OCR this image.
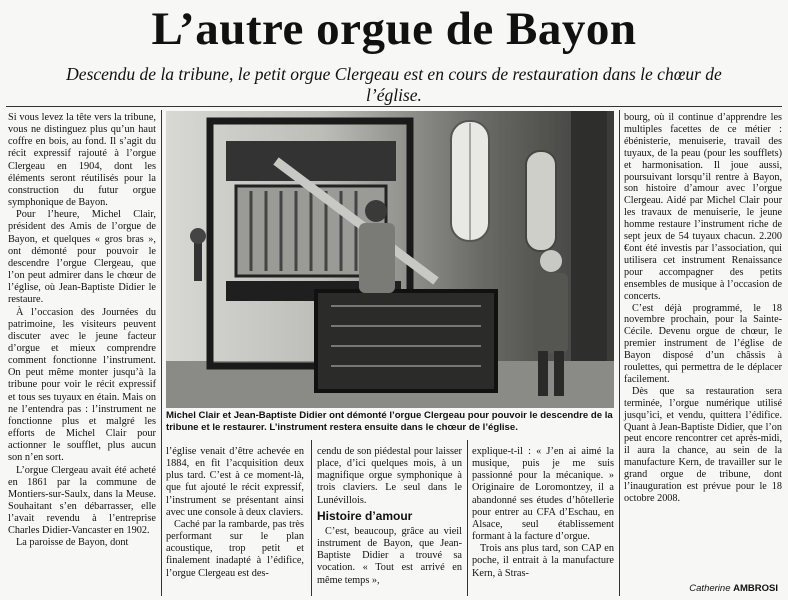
L’autre orgue de Bayon
Descendu de la tribune, le petit orgue Clergeau est en cours de restauration dans le chœur de l’église.

Si vous levez la tête vers la tribune, vous ne distinguez plus qu’un haut coffre en bois, au fond. Il s’agit du récit expressif rajouté à l’orgue Clergeau en 1904, dont les éléments seront réutilisés pour la construction du futur orgue symphonique de Bayon.

Pour l’heure, Michel Clair, président des Amis de l’orgue de Bayon, et quelques « gros bras », ont démonté pour pouvoir le descendre l’orgue Clergeau, que l’on peut admirer dans le chœur de l’église, où Jean-Baptiste Didier le restaure.

À l’occasion des Journées du patrimoine, les visiteurs peuvent discuter avec le jeune facteur d’orgue et mieux comprendre comment fonctionne l’instrument. On peut même monter jusqu’à la tribune pour voir le récit expressif et tous ses tuyaux en étain. Mais on ne l’entendra pas : l’instrument ne fonctionne plus et malgré les efforts de Michel Clair pour actionner le soufflet, plus aucun son n’en sort.

L’orgue Clergeau avait été acheté en 1861 par la commune de Montiers-sur-Saulx, dans la Meuse. Souhaitant s’en débarrasser, elle l’avait revendu à l’entreprise Charles Didier-Vancaster en 1902.

La paroisse de Bayon, dont

Michel Clair et Jean-Baptiste Didier ont démonté l’orgue Clergeau pour pouvoir le descendre de la tribune et le restaurer. L’instrument restera ensuite dans le chœur de l’église.

l’église venait d’être achevée en 1884, en fit l’acquisition deux plus tard. C’est à ce moment-là, que fut ajouté le récit expressif, l’instrument se présentant ainsi avec une console à deux claviers.

Caché par la rambarde, pas très performant sur le plan acoustique, trop petit et finalement inadapté à l’édifice, l’orgue Clergeau est des-

cendu de son piédestal pour laisser place, d’ici quelques mois, à un magnifique orgue symphonique à trois claviers. Le seul dans le Lunévillois.

Histoire d’amour

C’est, beaucoup, grâce au vieil instrument de Bayon, que Jean-Baptiste Didier a trouvé sa vocation. « Tout est arrivé en même temps »,

explique-t-il : « J’en ai aimé la musique, puis je me suis passionné pour la mécanique. » Originaire de Loromontzey, il a abandonné ses études d’hôtellerie pour entrer au CFA d’Eschau, en Alsace, seul établissement formant à la facture d’orgue.

Trois ans plus tard, son CAP en poche, il entrait à la manufacture Kern, à Stras-

bourg, où il continue d’apprendre les multiples facettes de ce métier : ébénisterie, menuiserie, travail des tuyaux, de la peau (pour les soufflets) et harmonisation. Il joue aussi, poursuivant lorsqu’il rentre à Bayon, son histoire d’amour avec l’orgue Clergeau. Aidé par Michel Clair pour les travaux de menuiserie, le jeune homme restaure l’instrument riche de sept jeux de 54 tuyaux chacun. 2.200 €ont été investis par l’association, qui utilisera cet instrument Renaissance pour accompagner des petits ensembles de musique à l’occasion de concerts.

C’est déjà programmé, le 18 novembre prochain, pour la Sainte-Cécile. Devenu orgue de chœur, le premier instrument de l’église de Bayon disposé d’un châssis à roulettes, qui permettra de le déplacer facilement.

Dès que sa restauration sera terminée, l’orgue numérique utilisé jusqu’ici, et vendu, quittera l’édifice. Quant à Jean-Baptiste Didier, que l’on peut encore rencontrer cet après-midi, il aura la chance, au sein de la manufacture Kern, de travailler sur le grand orgue de tribune, dont l’inauguration est prévue pour le 18 octobre 2008.

Catherine AMBROSI
